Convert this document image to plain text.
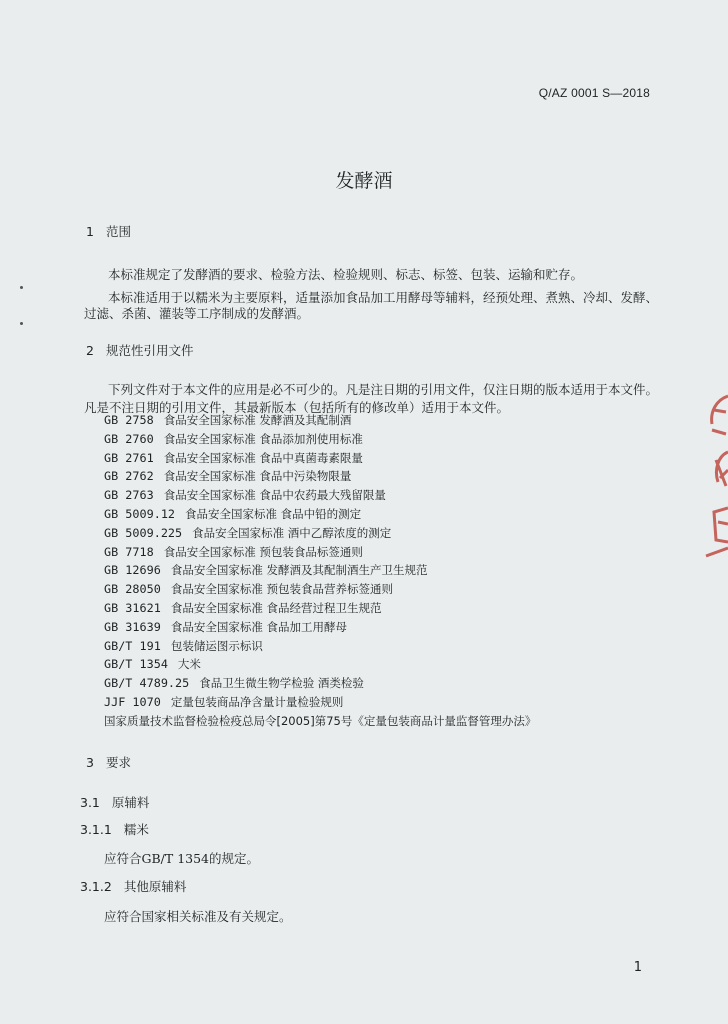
Q/AZ 0001 S—2018
发酵酒
1 范围
本标准规定了发酵酒的要求、检验方法、检验规则、标志、标签、包装、运输和贮存。
本标准适用于以糯米为主要原料，适量添加食品加工用酵母等辅料，经预处理、煮熟、冷却、发酵、
过滤、杀菌、灌装等工序制成的发酵酒。
2 规范性引用文件
下列文件对于本文件的应用是必不可少的。凡是注日期的引用文件，仅注日期的版本适用于本文件。
凡是不注日期的引用文件，其最新版本（包括所有的修改单）适用于本文件。
GB 2758 食品安全国家标准 发酵酒及其配制酒
GB 2760 食品安全国家标准 食品添加剂使用标准
GB 2761 食品安全国家标准 食品中真菌毒素限量
GB 2762 食品安全国家标准 食品中污染物限量
GB 2763 食品安全国家标准 食品中农药最大残留限量
GB 5009.12 食品安全国家标准 食品中铅的测定
GB 5009.225 食品安全国家标准 酒中乙醇浓度的测定
GB 7718 食品安全国家标准 预包装食品标签通则
GB 12696 食品安全国家标准 发酵酒及其配制酒生产卫生规范
GB 28050 食品安全国家标准 预包装食品营养标签通则
GB 31621 食品安全国家标准 食品经营过程卫生规范
GB 31639 食品安全国家标准 食品加工用酵母
GB/T 191 包装储运图示标识
GB/T 1354 大米
GB/T 4789.25 食品卫生微生物学检验 酒类检验
JJF 1070 定量包装商品净含量计量检验规则
国家质量技术监督检验检疫总局令[2005]第75号《定量包装商品计量监督管理办法》
3 要求
3.1 原辅料
3.1.1 糯米
应符合GB/T 1354的规定。
3.1.2 其他原辅料
应符合国家相关标准及有关规定。
1
